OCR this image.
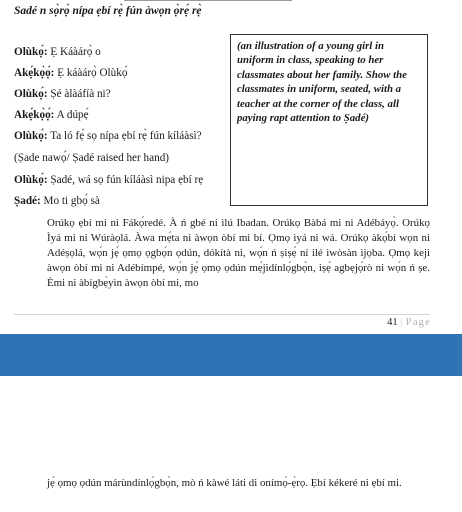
Sadé n sọ̀rọ̀ nípa ẹbí rẹ̀ fún àwọn ọ̀rẹ́ rẹ̀
Olùkọ́: Ẹ Káàárọ̀ o
Akẹ́kọ̀ọ́: Ẹ káàárọ̀ Olùkọ́
Olùkọ́: Ṣé àlàáfíà ni?
Akẹ́kọ̀ọ́: A dúpẹ́
Olùkọ́: Ta ló fẹ́ sọ nípa ẹbí rẹ̀ fún kíláàsì?
(Ṣade nawọ́/ Ṣadé raised her hand)
Olùkọ́: Ṣadé, wá sọ fún kíláàsì nipa ẹbí rẹ
Ṣadé: Mo ti gbọ́ sà
(an illustration of a young girl in uniform in class, speaking to her classmates about her family. Show the classmates in uniform, seated, with a teacher at the corner of the class, all paying rapt attention to Ṣadé)
Orúkọ ẹbí mi ni Fákọ́redé. À ń gbé ní ìlú Ibadan. Orúkọ Bàbá mi ni Adébáyọ̀. Orúkọ Ìyá mi ni Wúràọlá. Àwa mẹ́ta ni àwọn òbí mi bí. Ọmọ ìyá ni wá. Orúkọ àkọ́bí wọn ni Adéṣọlá, wọ́n jẹ́ ọmọ ọgbọ́n ọdún, dókítà ni, wọ́n ń ṣiṣẹ́ ní ilé ìwòsàn ìjọba. Ọmọ kejì àwọn òbí mi ni Adébímpé, wọ́n jẹ́ ọmọ ọdún mẹ́jìdínlọ́gbọ̀n, iṣẹ́ agbẹjọ́rò ni wọ́n ń ṣe. Èmi ni àbígbẹ̀yìn àwọn òbí mi, mo
41 | Page
jẹ́ ọmọ ọdún márùndínlọ́gbọ̀n, mò ń kàwé láti di onímọ̀-ẹ̀rọ. Ẹbí kékeré ni ẹbí mi.
